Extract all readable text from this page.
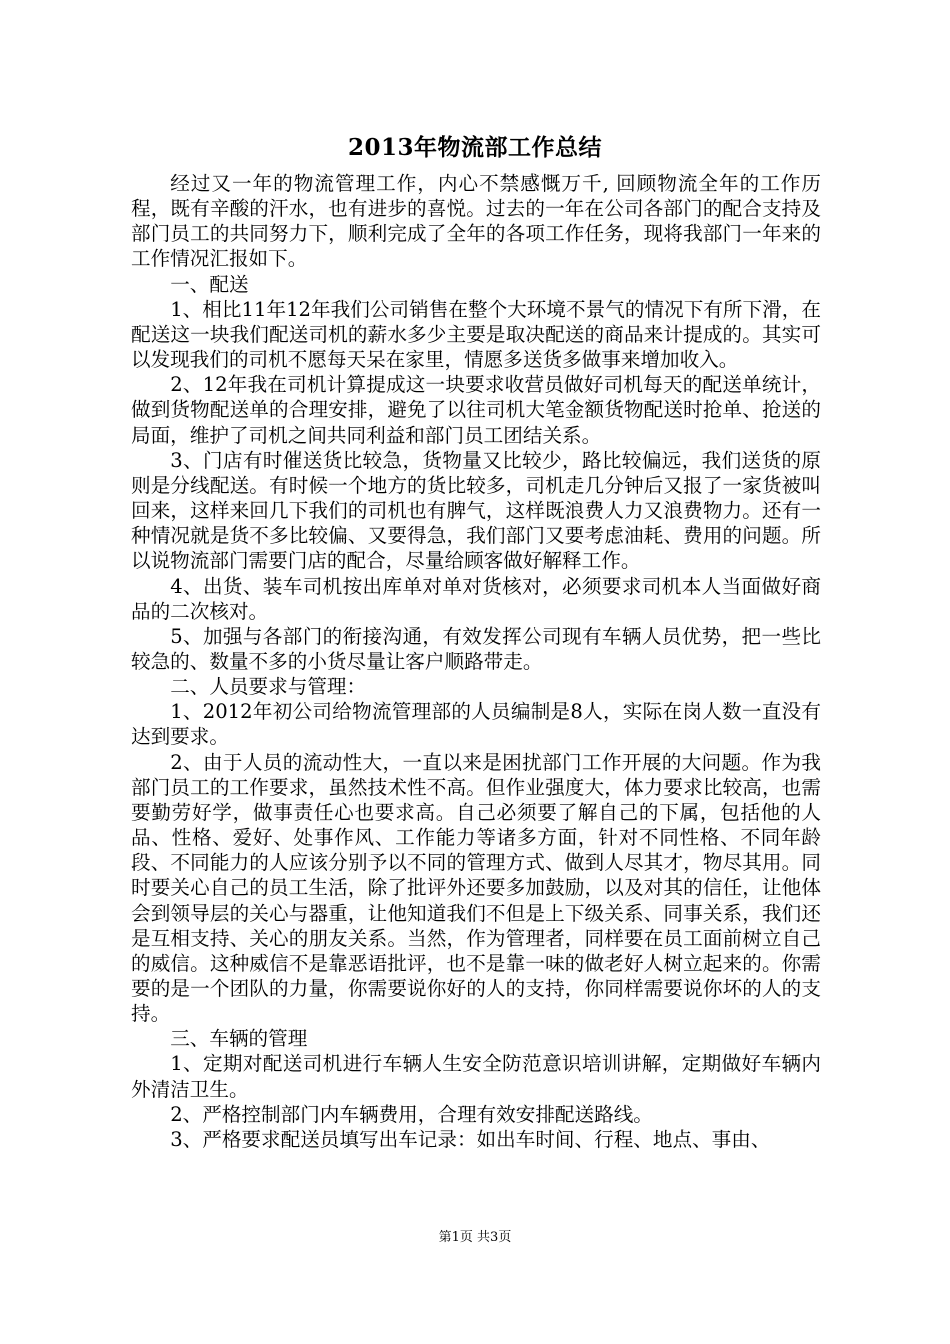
2013年物流部工作总结

经过又一年的物流管理工作，内心不禁感慨万千, 回顾物流全年的工作历程，既有辛酸的汗水，也有进步的喜悦。过去的一年在公司各部门的配合支持及部门员工的共同努力下，顺利完成了全年的各项工作任务，现将我部门一年来的工作情况汇报如下。

一、配送

1、相比11年12年我们公司销售在整个大环境不景气的情况下有所下滑，在配送这一块我们配送司机的薪水多少主要是取决配送的商品来计提成的。其实可以发现我们的司机不愿每天呆在家里，情愿多送货多做事来增加收入。

2、12年我在司机计算提成这一块要求收营员做好司机每天的配送单统计，做到货物配送单的合理安排，避免了以往司机大笔金额货物配送时抢单、抢送的局面，维护了司机之间共同利益和部门员工团结关系。

3、门店有时催送货比较急，货物量又比较少，路比较偏远，我们送货的原则是分线配送。有时候一个地方的货比较多，司机走几分钟后又报了一家货被叫回来，这样来回几下我们的司机也有脾气，这样既浪费人力又浪费物力。还有一种情况就是货不多比较偏、又要得急，我们部门又要考虑油耗、费用的问题。所以说物流部门需要门店的配合，尽量给顾客做好解释工作。

4、出货、装车司机按出库单对单对货核对，必须要求司机本人当面做好商品的二次核对。

5、加强与各部门的衔接沟通，有效发挥公司现有车辆人员优势，把一些比较急的、数量不多的小货尽量让客户顺路带走。

二、人员要求与管理：

1、2012年初公司给物流管理部的人员编制是8人，实际在岗人数一直没有达到要求。

2、由于人员的流动性大，一直以来是困扰部门工作开展的大问题。作为我部门员工的工作要求，虽然技术性不高。但作业强度大，体力要求比较高，也需要勤劳好学，做事责任心也要求高。自己必须要了解自己的下属，包括他的人品、性格、爱好、处事作风、工作能力等诸多方面，针对不同性格、不同年龄段、不同能力的人应该分别予以不同的管理方式、做到人尽其才，物尽其用。同时要关心自己的员工生活，除了批评外还要多加鼓励，以及对其的信任，让他体会到领导层的关心与器重，让他知道我们不但是上下级关系、同事关系，我们还是互相支持、关心的朋友关系。当然，作为管理者，同样要在员工面前树立自己的威信。这种威信不是靠恶语批评，也不是靠一味的做老好人树立起来的。你需要的是一个团队的力量，你需要说你好的人的支持，你同样需要说你坏的人的支持。

三、车辆的管理

1、定期对配送司机进行车辆人生安全防范意识培训讲解，定期做好车辆内外清洁卫生。

2、严格控制部门内车辆费用，合理有效安排配送路线。

3、严格要求配送员填写出车记录：如出车时间、行程、地点、事由、

第1页 共3页
